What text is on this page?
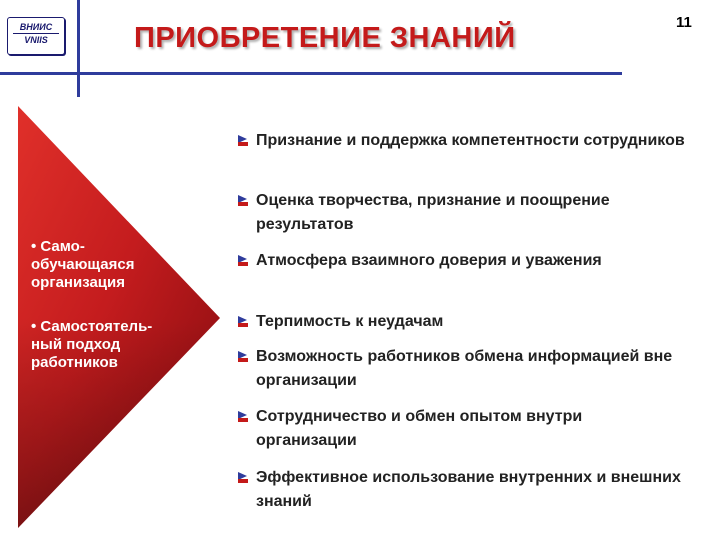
ВНИИС
VNIIS	ПРИОБРЕТЕНИЕ ЗНАНИЙ	11
• Само-
обучающаяся
организация
• Самостоятель-
ный подход
работников
Признание и поддержка компетентности сотрудников
Оценка творчества, признание и поощрение результатов
Атмосфера взаимного доверия и уважения
Терпимость к неудачам
Возможность работников обмена информацией вне организации
Сотрудничество и обмен опытом внутри организации
Эффективное использование внутренних и внешних знаний
